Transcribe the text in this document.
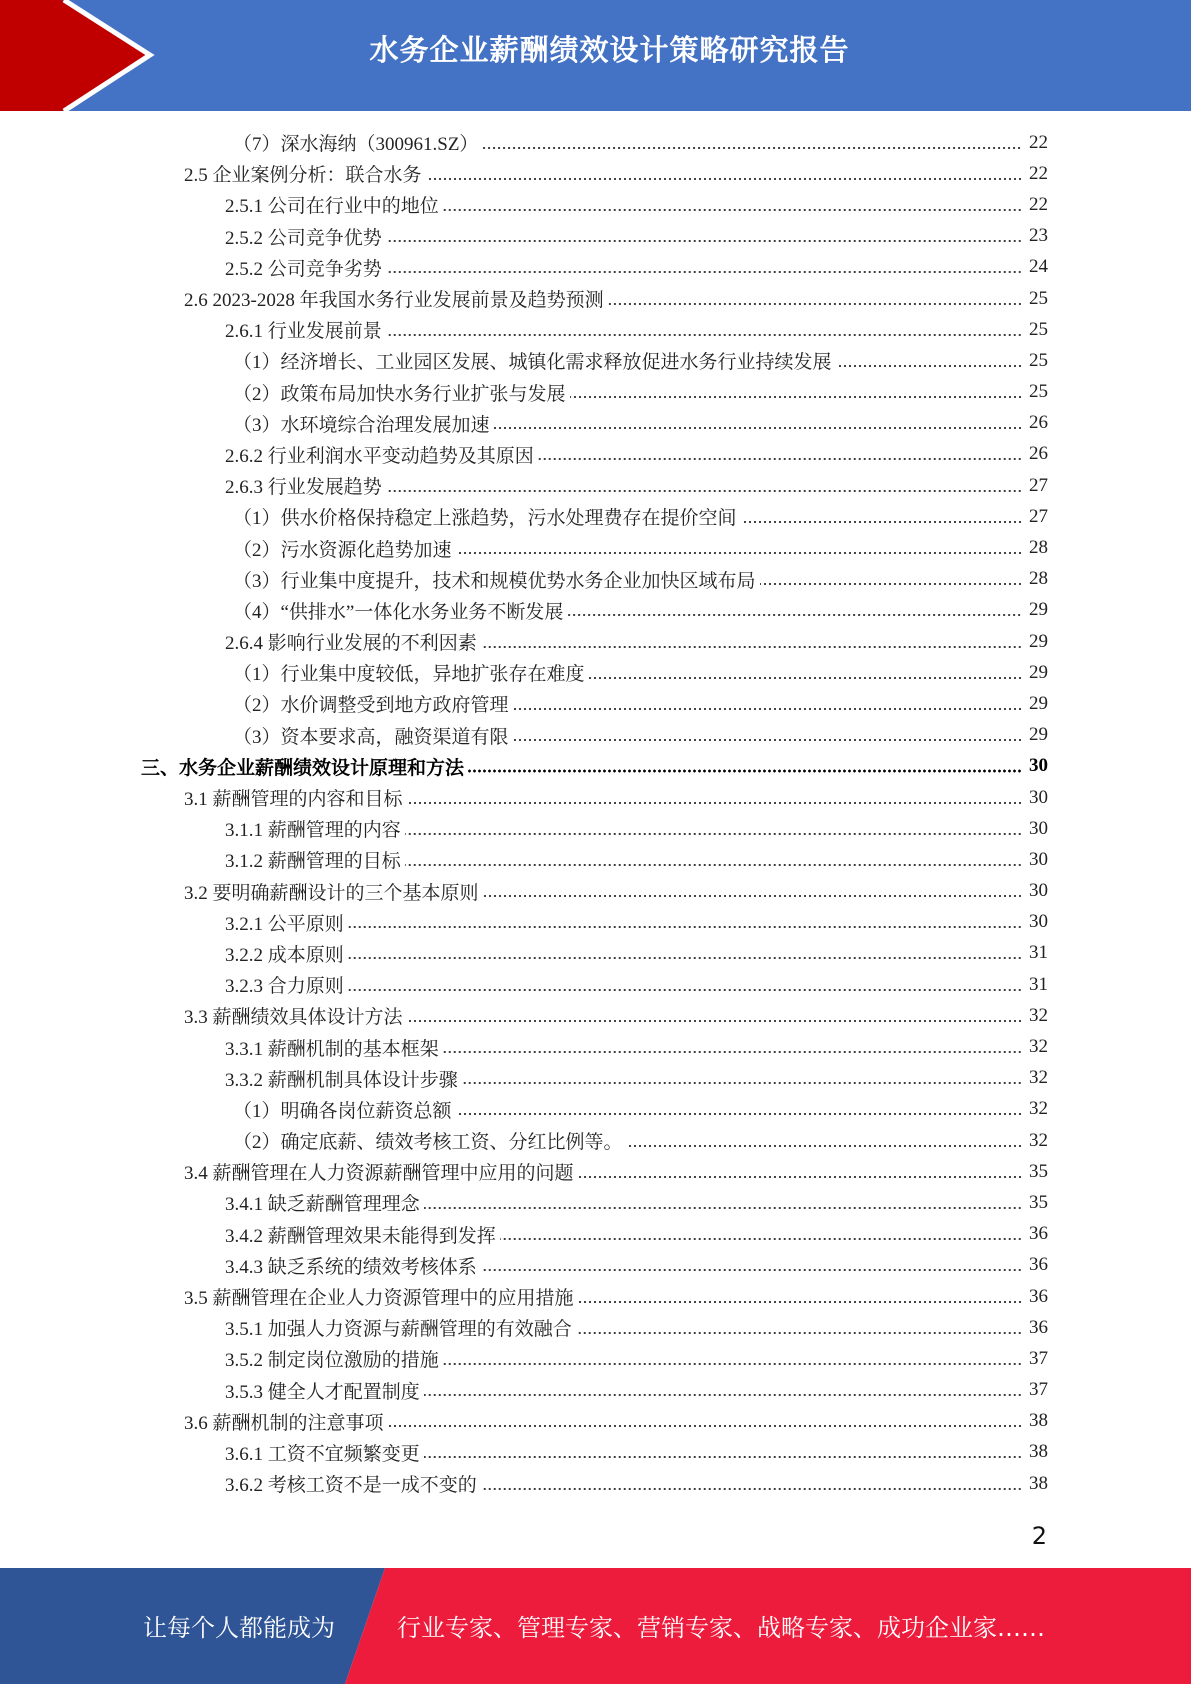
水务企业薪酬绩效设计策略研究报告
（7）深水海纳（300961.SZ）	22
2.5 企业案例分析：联合水务	22
2.5.1 公司在行业中的地位	22
2.5.2 公司竞争优势	23
2.5.2 公司竞争劣势	24
2.6 2023-2028 年我国水务行业发展前景及趋势预测	25
2.6.1 行业发展前景	25
（1）经济增长、工业园区发展、城镇化需求释放促进水务行业持续发展	25
（2）政策布局加快水务行业扩张与发展	25
（3）水环境综合治理发展加速	26
2.6.2 行业利润水平变动趋势及其原因	26
2.6.3 行业发展趋势	27
（1）供水价格保持稳定上涨趋势，污水处理费存在提价空间	27
（2）污水资源化趋势加速	28
（3）行业集中度提升，技术和规模优势水务企业加快区域布局	28
（4）“供排水”一体化水务业务不断发展	29
2.6.4 影响行业发展的不利因素	29
（1）行业集中度较低，异地扩张存在难度	29
（2）水价调整受到地方政府管理	29
（3）资本要求高，融资渠道有限	29
三、水务企业薪酬绩效设计原理和方法	30
3.1 薪酬管理的内容和目标	30
3.1.1 薪酬管理的内容	30
3.1.2 薪酬管理的目标	30
3.2 要明确薪酬设计的三个基本原则	30
3.2.1 公平原则	30
3.2.2 成本原则	31
3.2.3 合力原则	31
3.3 薪酬绩效具体设计方法	32
3.3.1 薪酬机制的基本框架	32
3.3.2 薪酬机制具体设计步骤	32
（1）明确各岗位薪资总额	32
（2）确定底薪、绩效考核工资、分红比例等。	32
3.4 薪酬管理在人力资源薪酬管理中应用的问题	35
3.4.1 缺乏薪酬管理理念	35
3.4.2 薪酬管理效果未能得到发挥	36
3.4.3 缺乏系统的绩效考核体系	36
3.5 薪酬管理在企业人力资源管理中的应用措施	36
3.5.1 加强人力资源与薪酬管理的有效融合	36
3.5.2 制定岗位激励的措施	37
3.5.3 健全人才配置制度	37
3.6 薪酬机制的注意事项	38
3.6.1 工资不宜频繁变更	38
3.6.2 考核工资不是一成不变的	38
2
让每个人都能成为	行业专家、管理专家、营销专家、战略专家、成功企业家……
